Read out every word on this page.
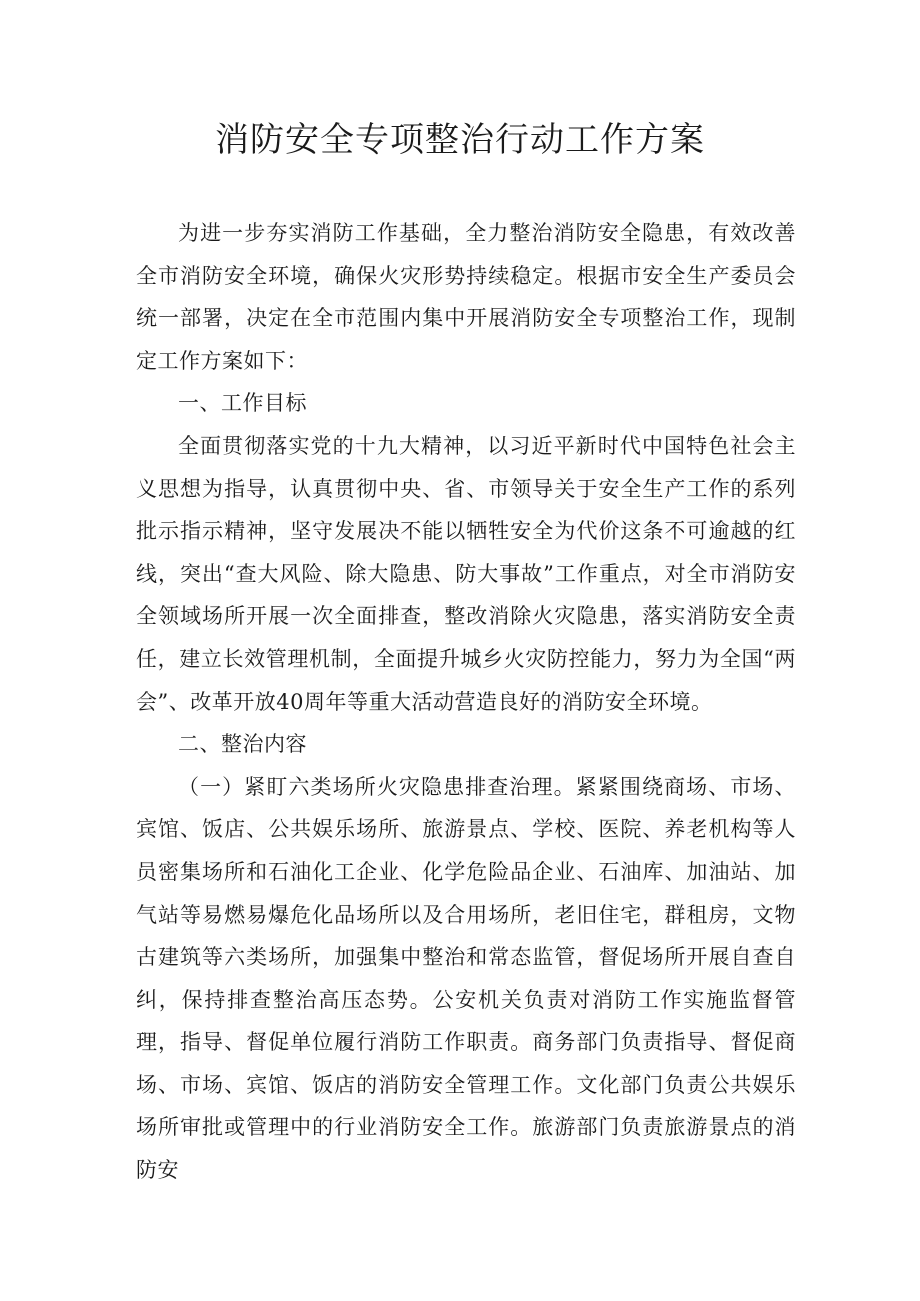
消防安全专项整治行动工作方案

为进一步夯实消防工作基础，全力整治消防安全隐患，有效改善全市消防安全环境，确保火灾形势持续稳定。根据市安全生产委员会统一部署，决定在全市范围内集中开展消防安全专项整治工作，现制定工作方案如下：

一、工作目标

全面贯彻落实党的十九大精神，以习近平新时代中国特色社会主义思想为指导，认真贯彻中央、省、市领导关于安全生产工作的系列批示指示精神，坚守发展决不能以牺牲安全为代价这条不可逾越的红线，突出“查大风险、除大隐患、防大事故”工作重点，对全市消防安全领域场所开展一次全面排查，整改消除火灾隐患，落实消防安全责任，建立长效管理机制，全面提升城乡火灾防控能力，努力为全国“两会”、改革开放40周年等重大活动营造良好的消防安全环境。

二、整治内容

（一）紧盯六类场所火灾隐患排查治理。紧紧围绕商场、市场、宾馆、饭店、公共娱乐场所、旅游景点、学校、医院、养老机构等人员密集场所和石油化工企业、化学危险品企业、石油库、加油站、加气站等易燃易爆危化品场所以及合用场所，老旧住宅，群租房，文物古建筑等六类场所，加强集中整治和常态监管，督促场所开展自查自纠，保持排查整治高压态势。公安机关负责对消防工作实施监督管理，指导、督促单位履行消防工作职责。商务部门负责指导、督促商场、市场、宾馆、饭店的消防安全管理工作。文化部门负责公共娱乐场所审批或管理中的行业消防安全工作。旅游部门负责旅游景点的消防安
